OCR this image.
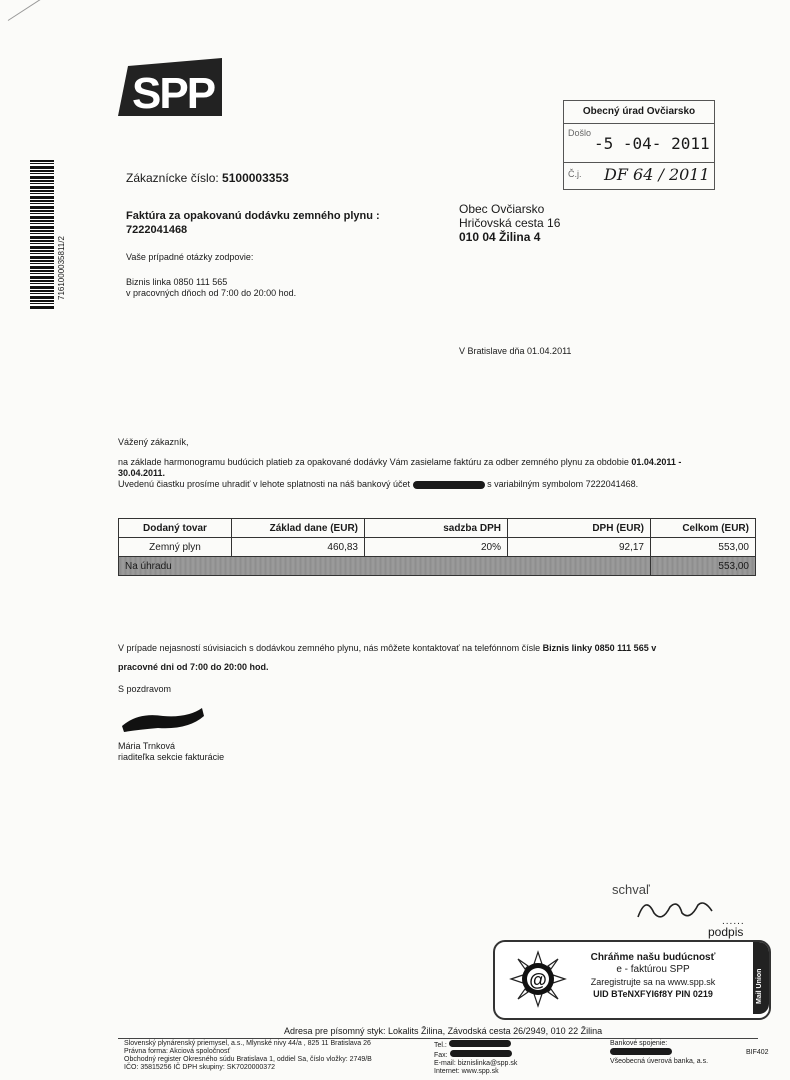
SPP
7161000035811/2
Obecný úrad Ovčiarsko
Došlo
-5 -04- 2011
Č.j. DF 64 / 2011
Zákaznícke číslo: 5100003353
Faktúra za opakovanú dodávku zemného plynu :
7222041468
Vaše prípadné otázky zodpovie:
Biznis linka 0850 111 565
v pracovných dňoch od 7:00 do 20:00 hod.
Obec Ovčiarsko
Hričovská cesta 16
010 04 Žilina 4
V Bratislave dňa 01.04.2011
Vážený zákazník,
na základe harmonogramu budúcich platieb za opakované dodávky Vám zasielame faktúru za odber zemného plynu za obdobie 01.04.2011 -
30.04.2011.
Uvedenú čiastku prosíme uhradiť v lehote splatnosti na náš bankový účet	s variabilným symbolom 7222041468.
Dodaný tovar	Základ dane (EUR)	sadzba DPH	DPH (EUR)	Celkom (EUR)
Zemný plyn	460,83	20%	92,17	553,00
Na úhradu				553,00
V prípade nejasností súvisiacich s dodávkou zemného plynu, nás môžete kontaktovať na telefónnom čísle Biznis linky 0850 111 565 v
pracovné dni od 7:00 do 20:00 hod.
S pozdravom
Mária Trnková
riaditeľka sekcie fakturácie
schvaľ
......
podpis
@
Chráňme našu budúcnosť
e - faktúrou SPP
Zaregistrujte sa na www.spp.sk
UID BTeNXFYI6f8Y PIN 0219	Mail Union
Adresa pre písomný styk: Lokalits Žilina, Závodská cesta 26/2949, 010 22 Žilina
Slovenský plynárenský priemysel, a.s., Mlynské nivy 44/a , 825 11 Bratislava 26
Právna forma: Akciová spoločnosť
Obchodný register Okresného súdu Bratislava 1, oddiel Sa, číslo vložky: 2749/B
IČO: 35815256 IČ DPH skupiny: SK7020000372
Tel.:
Fax:
E-mail: biznislinka@spp.sk
Internet: www.spp.sk
Bankové spojenie:
Všeobecná úverová banka, a.s.
BIF402
